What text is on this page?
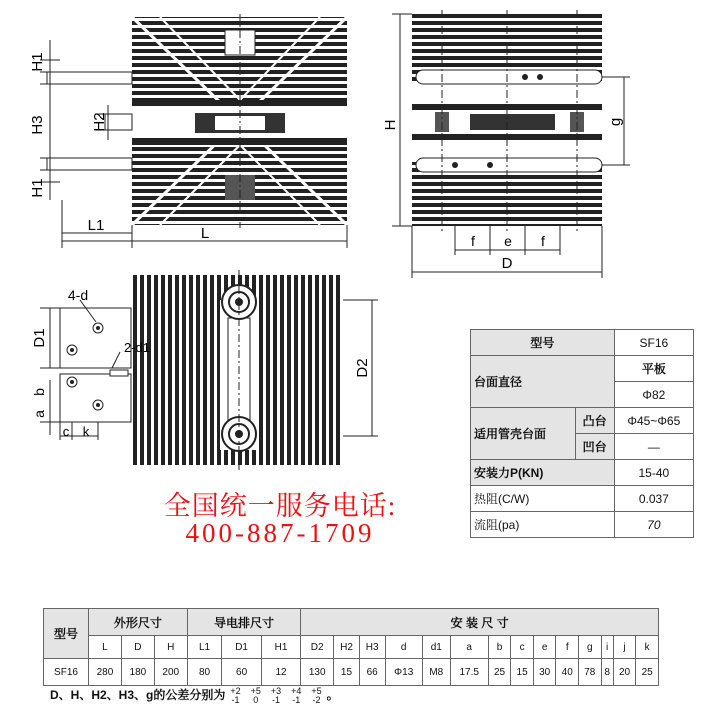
H1
H3	H2
H1
L1	L
H	g
f e f
D
4-d
D1
D2
2-d1
a
b
c k
全国统一服务电话:
400-887-1709
型号		SF16
台面直径		平板
		Φ82
适用管壳台面	凸台	Φ45~Φ65
	凹台	—
安装力P(KN)		15-40
热阻(C/W)		0.037
流阻(pa)		70
型号	外形尺寸			导电排尺寸			安 装 尺 寸													
	L	D	H	L1	D1	H1	D2	H2	H3	d	d1	a	b	c	e	f	g	i	j	k
SF16	280	180	200	80	60	12	130	15	66	Φ13	M8	17.5	25	15	30	40	78	8	20	25
D、H、H2、H3、g的公差分别为 +2
-1
+5
0
+3
-1
+4
-1
+5
-2 。
